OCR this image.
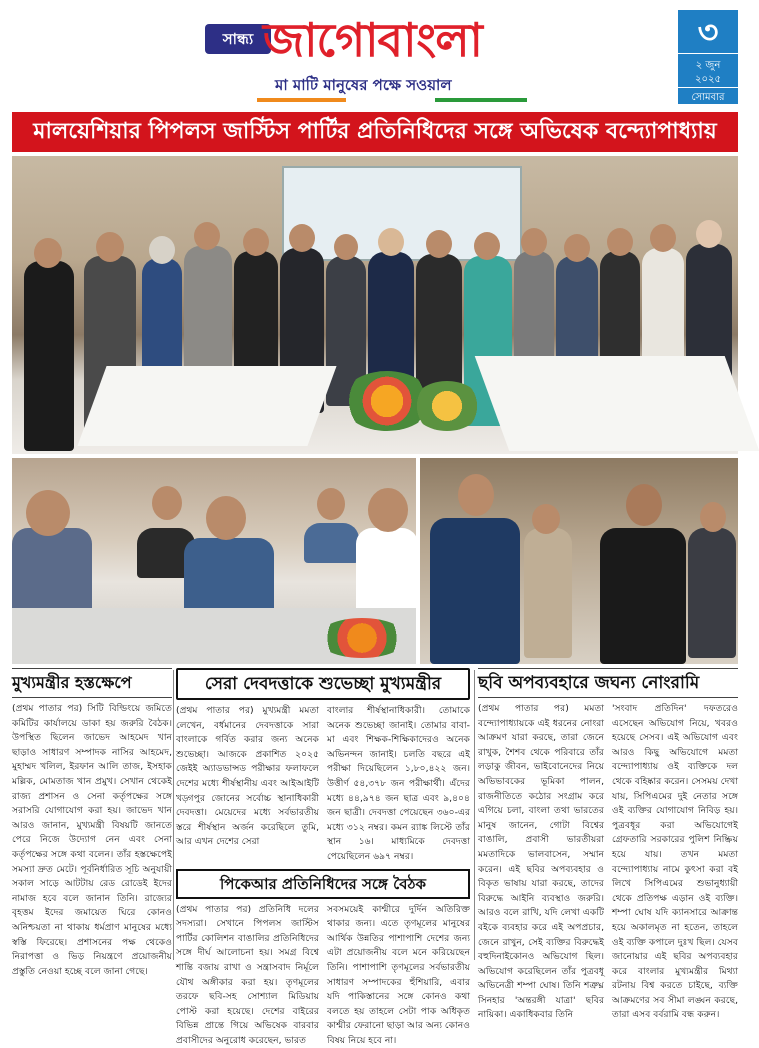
সান্ধ্য জাগোবাংলা
মা মাটি মানুষের পক্ষে সওয়াল
৩
২ জুন
২০২৫
সোমবার
মালয়েশিয়ার পিপলস জাস্টিস পার্টির প্রতিনিধিদের সঙ্গে অভিষেক বন্দ্যোপাধ্যায়
মুখ্যমন্ত্রীর হস্তক্ষেপে
(প্রথম পাতার পর) সিটি বিল্ডিংয়ে জমিতে কমিটির কার্যালয়ে ডাকা হয় জরুরি বৈঠক। উপস্থিত ছিলেন জাভেদ আহমেদ খান ছাড়াও সাধারণ সম্পাদক নাসির আহমেদ, মুহাম্মদ খলিল, ইরফান আলি তাজ, ইসহাক মল্লিক, মোমতাজ খান প্রমুখ। সেখান থেকেই রাজ্য প্রশাসন ও সেনা কর্তৃপক্ষের সঙ্গে সরাসরি যোগাযোগ করা হয়। জাভেদ খান আরও জানান, মুখ্যমন্ত্রী বিষয়টি জানতে পেরে নিজে উদ্যোগ নেন এবং সেনা কর্তৃপক্ষের সঙ্গে কথা বলেন। তাঁর হস্তক্ষেপেই সমস্যা দ্রুত মেটে। পূর্বনির্ধারিত সূচি অনুযায়ী সকাল সাড়ে আটটায় রেড রোডেই ইদের নামাজ হবে বলে জানান তিনি। রাজ্যের বৃহত্তম ইদের জমায়েত ঘিরে কোনও অনিশ্চয়তা না থাকায় ধর্মপ্রাণ মানুষের মধ্যে স্বস্তি ফিরেছে। প্রশাসনের পক্ষ থেকেও নিরাপত্তা ও ভিড় নিয়ন্ত্রণে প্রয়োজনীয় প্রস্তুতি নেওয়া হচ্ছে বলে জানা গেছে।
সেরা দেবদত্তাকে শুভেচ্ছা মুখ্যমন্ত্রীর
(প্রথম পাতার পর) মুখ্যমন্ত্রী মমতা লেখেন, বর্ধমানের দেবদত্তাকে সারা বাংলাকে গর্বিত করার জন্য অনেক শুভেচ্ছা। আজকে প্রকাশিত ২০২৫ জেইই অ্যাডভান্সড পরীক্ষার ফলাফলে দেশের মধ্যে শীর্ষস্থানীয় এবং আইআইটি খড়্গপুর জোনের সর্বোচ্চ স্থানাধিকারী দেবদত্তা। মেয়েদের মধ্যে সর্বভারতীয় স্তরে শীর্ষস্থান অর্জন করেছিলে তুমি, আর এখন দেশের সেরা
বাংলার শীর্ষস্থানাধিকারী। তোমাকে অনেক শুভেচ্ছা জানাই। তোমার বাবা-মা এবং শিক্ষক-শিক্ষিকাদেরও অনেক অভিনন্দন জানাই। চলতি বছরে এই পরীক্ষা দিয়েছিলেন ১,৮০,৪২২ জন। উত্তীর্ণ ৫৪,৩৭৮ জন পরীক্ষার্থী। এঁদের মধ্যে ৪৪,৯৭৪ জন ছাত্র এবং ৯,৪০৪ জন ছাত্রী। দেবদত্তা পেয়েছেন ৩৬০-এর মধ্যে ৩১২ নম্বর। কমন র‍্যাঙ্ক লিস্টে তাঁর স্থান ১৬। মাধ্যমিকে দেবদত্তা পেয়েছিলেন ৬৯৭ নম্বর।
পিকেআর প্রতিনিধিদের সঙ্গে বৈঠক
(প্রথম পাতার পর) প্রতিনিধি দলের সদস্যরা। সেখানে পিপলস জাস্টিস পার্টির কোলিশন বাঙালির প্রতিনিধিদের সঙ্গে দীর্ঘ আলোচনা হয়। সমগ্র বিশ্বে শান্তি বজায় রাখা ও সন্ত্রাসবাদ নির্মূলে যৌথ অঙ্গীকার করা হয়। তৃণমূলের তরফে ছবি-সহ সোশ্যাল মিডিয়ায় পোস্ট করা হয়েছে। দেশের বাইরের বিভিন্ন প্রান্তে গিয়ে অভিষেক বারবার প্রবাসীদের অনুরোধ করেছেন, ভারত
সবসময়েই কাশ্মীরে দুর্দিন অতিরিক্ত থাকার জন্য। এতে তৃণমূলের মানুষের আর্থিক উন্নতির পাশাপাশি দেশের জন্য এটা প্রয়োজনীয় বলে মনে করিয়েছেন তিনি। পাশাপাশি তৃণমূলের সর্বভারতীয় সাধারণ সম্পাদকের হুঁশিয়ারি, এবার যদি পাকিস্তানের সঙ্গে কোনও কথা বলতে হয় তাহলে সেটা পাক অধিকৃত কাশ্মীর ফেরানো ছাড়া আর অন্য কোনও বিষয় নিয়ে হবে না।
ছবি অপব্যবহারে জঘন্য নোংরামি
(প্রথম পাতার পর) মমতা বন্দ্যোপাধ্যায়কে এই ধরনের নোংরা আক্রমণ যারা করছে, তারা জেনে রাখুক, শৈশব থেকে পরিবারে তাঁর লড়াকু জীবন, ভাইবোনেদের নিয়ে অভিভাবকের ভূমিকা পালন, রাজনীতিতে কঠোর সংগ্রাম করে এগিয়ে চলা, বাংলা তথা ভারতের মানুষ জানেন, গোটা বিশ্বের বাঙালি, প্রবাসী ভারতীয়রা মমতাদিকে ভালবাসেন, সম্মান করেন। এই ছবির অপব্যবহার ও বিকৃত ভাষায় যারা করছে, তাদের বিরুদ্ধে আইনি ব্যবস্থাও জরুরি। আরও বলে রাখি, যদি লেখা একটি বইকে ব্যবহার করে এই অপপ্রচার, জেনে রাখুন, সেই ব্যক্তির বিরুদ্ধেই বহুদিনাইকোনও অভিযোগ ছিল। অভিযোগ করেছিলেন তাঁর পুত্রবধূ অভিনেত্রী শম্পা ঘোষ। তিনি শত্রুঘ্ন সিনহার 'অন্তরঙ্গী যাত্রা' ছবির নায়িকা। একাধিকবার তিনি
'সংবাদ প্রতিদিন' দফতরেও এসেছেন অভিযোগ নিয়ে, খবরও হয়েছে সেসব। এই অভিযোগ এবং আরও কিছু অভিযোগে মমতা বন্দ্যোপাধ্যায় ওই ব্যক্তিকে দল থেকে বহিষ্কার করেন। সেসময় দেখা যায়, সিপিএমের দুই নেতার সঙ্গে ওই ব্যক্তির যোগাযোগ নিবিড় হয়। পুত্রবধূর করা অভিযোগেই গ্রেফতারি সরকারের পুলিশ নিষ্ক্রিয় হয়ে যায়। তখন মমতা বন্দ্যোপাধ্যায় নামে কুৎসা করা বই লিখে সিপিএমের শুভানুধ্যায়ী থেকে প্রতিপক্ষ এড়ান ওই ব্যক্তি। শম্পা ঘোষ যদি ক্যানসারে আক্রান্ত হয়ে অকালমৃত না হতেন, তাহলে ওই ব্যক্তি কপালে দুঃখ ছিল। যেসব জানোয়ার এই ছবির অপব্যবহার করে বাংলার মুখ্যমন্ত্রীর মিথ্যা রটনায় বিশ্ব করতে চাইছে, ব্যক্তি আক্রমণের সব সীমা লঙ্ঘন করছে, তারা এসব বর্বরামি বন্ধ করুন।
